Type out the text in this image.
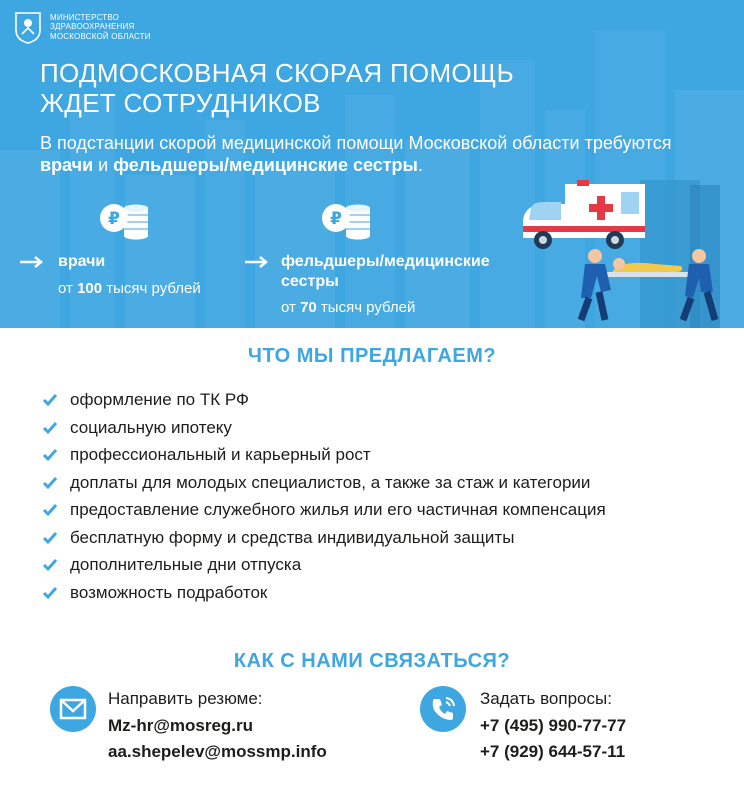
МИНИСТЕРСТВО
ЗДРАВООХРАНЕНИЯ
МОСКОВСКОЙ ОБЛАСТИ
ПОДМОСКОВНАЯ СКОРАЯ ПОМОЩЬ
ЖДЕТ СОТРУДНИКОВ

В подстанции скорой медицинской помощи Московской области требуются врачи и фельдшеры/медицинские сестры.

₽	₽
врачи
от 100 тысяч рублей
фельдшеры/медицинские
сестры
от 70 тысяч рублей
ЧТО МЫ ПРЕДЛАГАЕМ?
оформление по ТК РФ
социальную ипотеку
профессиональный и карьерный рост
доплаты для молодых специалистов, а также за стаж и категории
предоставление служебного жилья или его частичная компенсация
бесплатную форму и средства индивидуальной защиты
дополнительные дни отпуска
возможность подработок
КАК С НАМИ СВЯЗАТЬСЯ?
Направить резюме:
Mz-hr@mosreg.ru
aa.shepelev@mossmp.info
Задать вопросы:
+7 (495) 990-77-77
+7 (929) 644-57-11
